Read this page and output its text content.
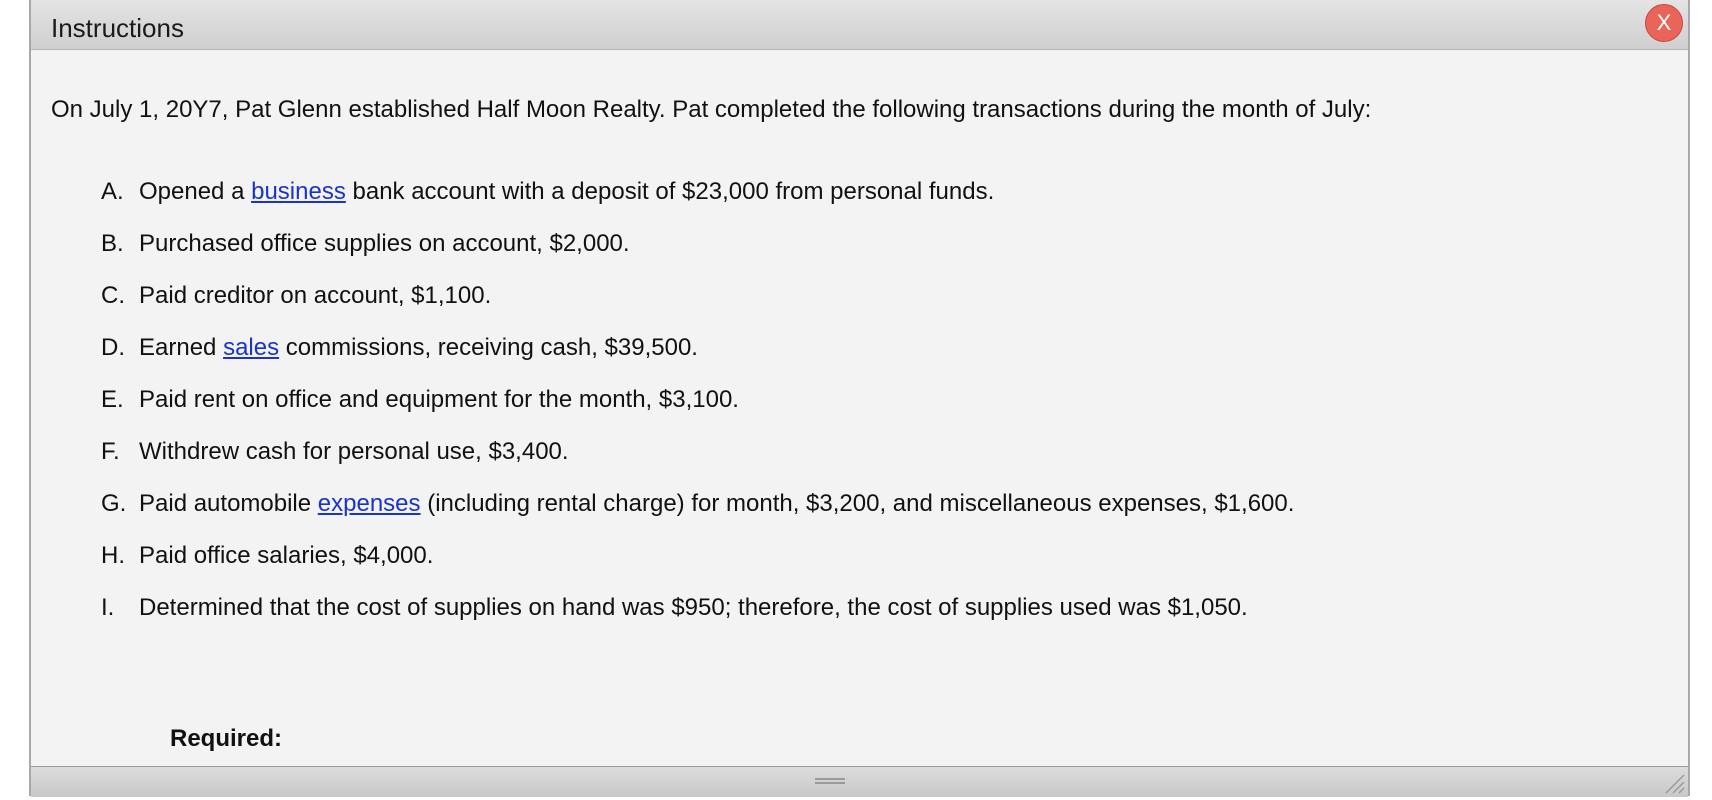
Instructions
On July 1, 20Y7, Pat Glenn established Half Moon Realty. Pat completed the following transactions during the month of July:
A. Opened a business bank account with a deposit of $23,000 from personal funds.
B. Purchased office supplies on account, $2,000.
C. Paid creditor on account, $1,100.
D. Earned sales commissions, receiving cash, $39,500.
E. Paid rent on office and equipment for the month, $3,100.
F. Withdrew cash for personal use, $3,400.
G. Paid automobile expenses (including rental charge) for month, $3,200, and miscellaneous expenses, $1,600.
H. Paid office salaries, $4,000.
I. Determined that the cost of supplies on hand was $950; therefore, the cost of supplies used was $1,050.
Required:
X
